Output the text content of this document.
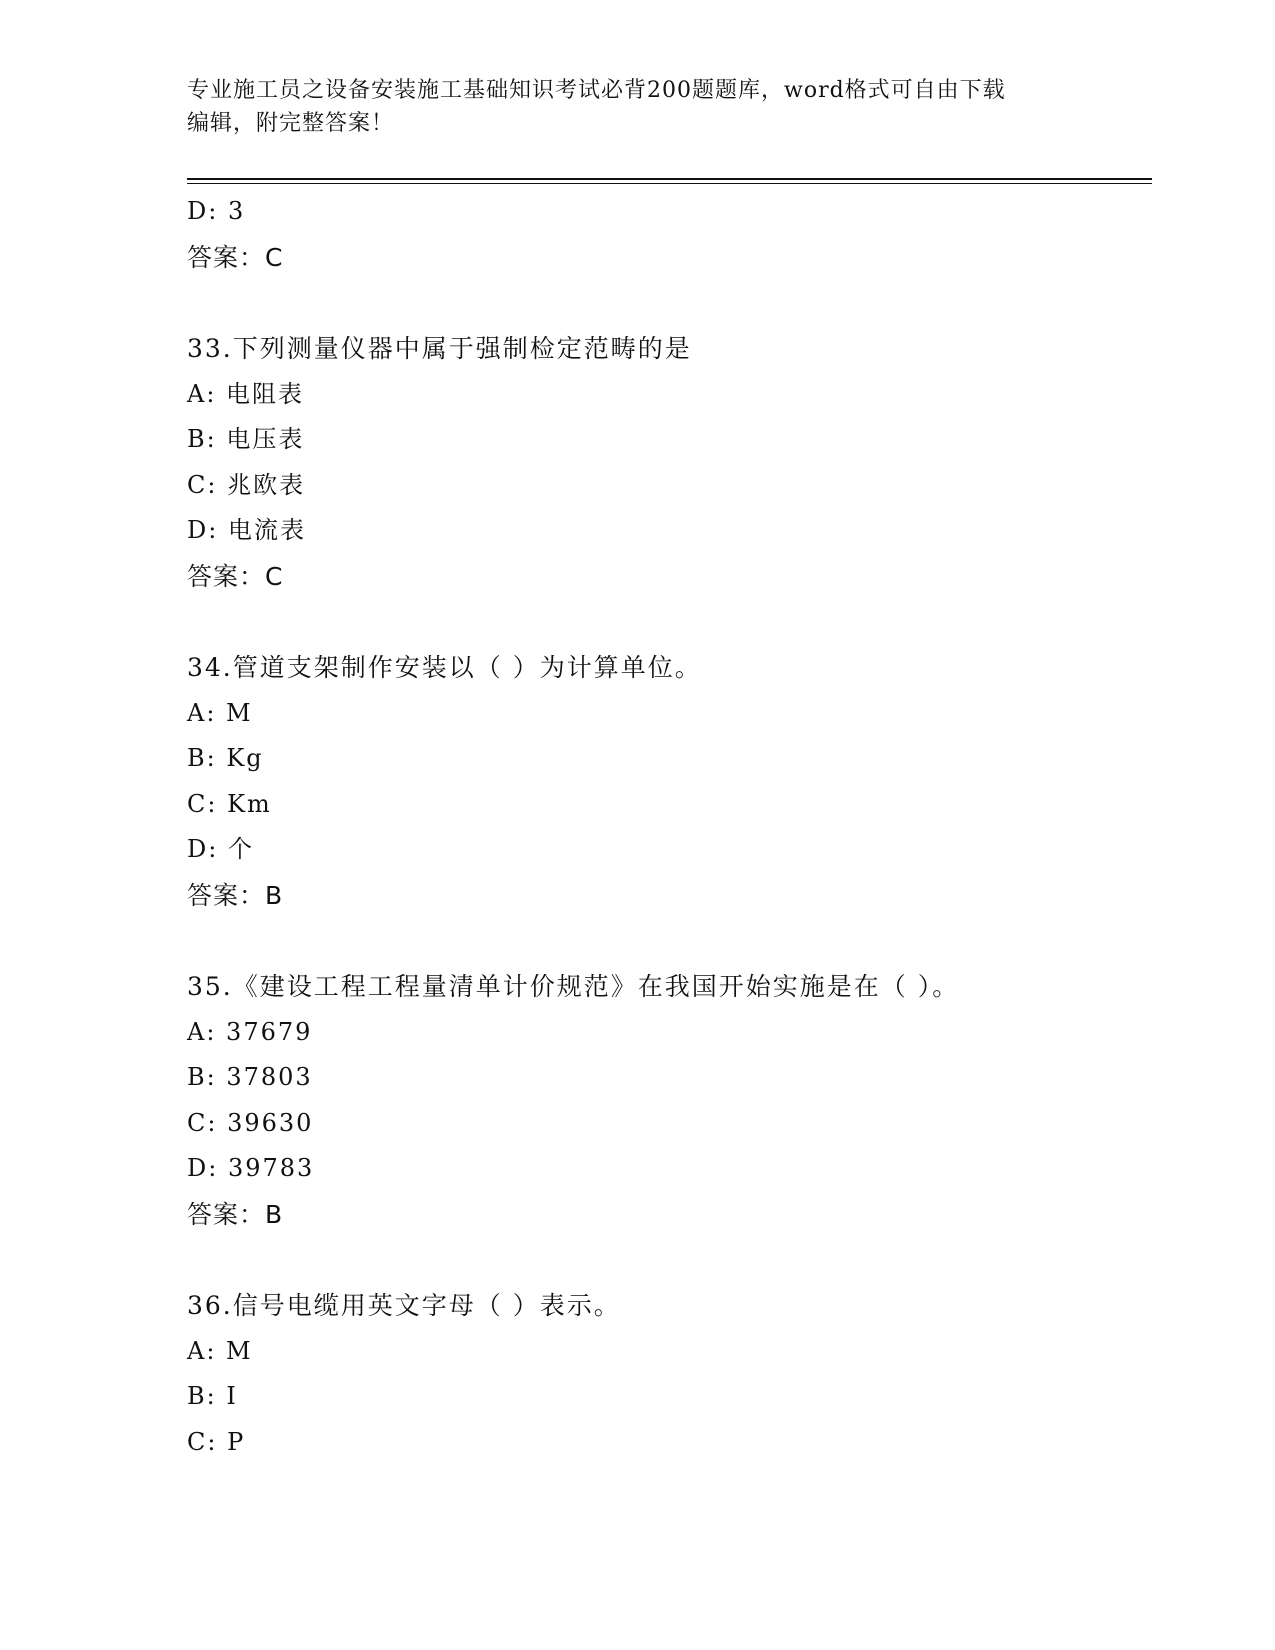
专业施工员之设备安装施工基础知识考试必背200题题库，word格式可自由下载
编辑，附完整答案！
D: 3
答案：C
33.下列测量仪器中属于强制检定范畴的是
A: 电阻表
B: 电压表
C: 兆欧表
D: 电流表
答案：C
34.管道支架制作安装以（ ）为计算单位。
A: M
B: Kg
C: Km
D: 个
答案：B
35.《建设工程工程量清单计价规范》在我国开始实施是在（ ）。
A: 37679
B: 37803
C: 39630
D: 39783
答案：B
36.信号电缆用英文字母（ ）表示。
A: M
B: I
C: P
